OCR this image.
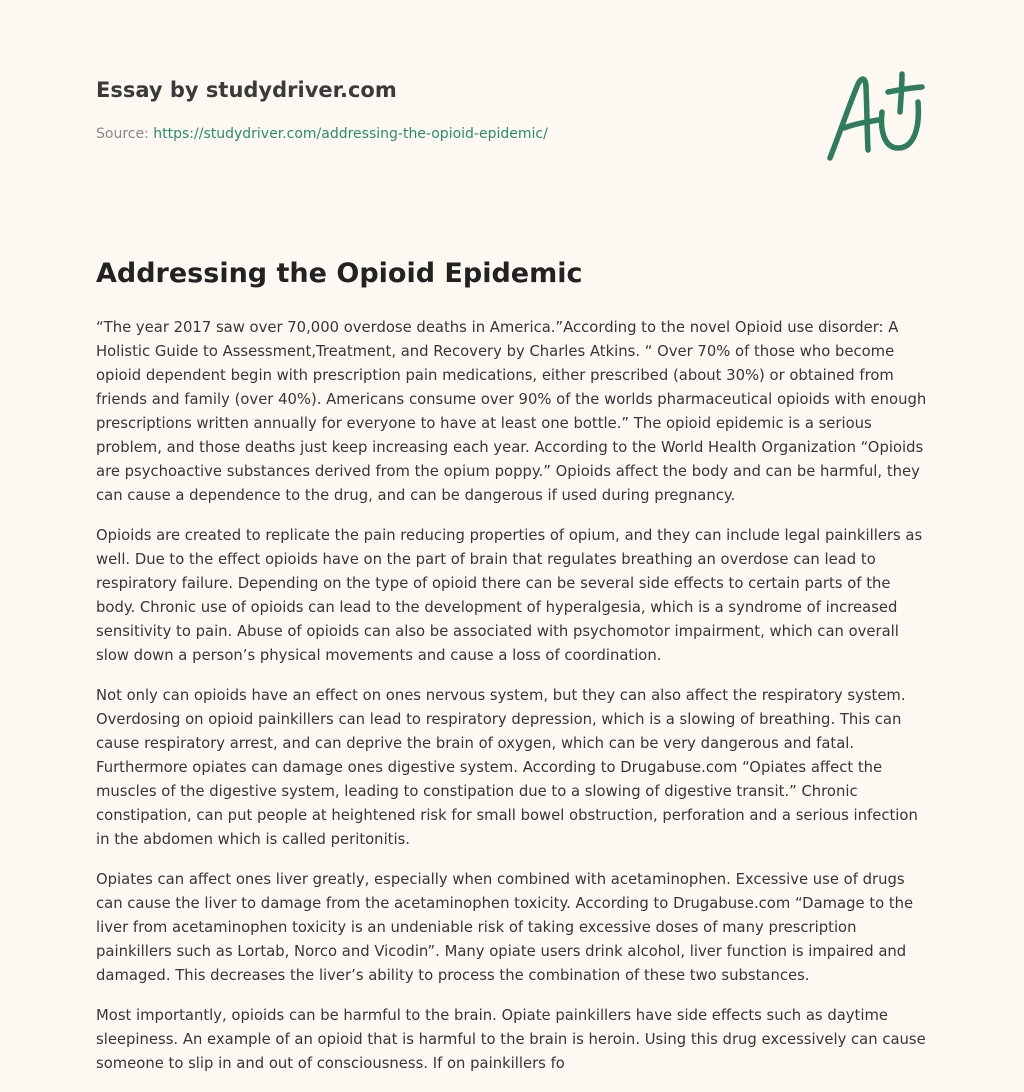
Essay by studydriver.com
Source: https://studydriver.com/addressing-the-opioid-epidemic/
Addressing the Opioid Epidemic

“The year 2017 saw over 70,000 overdose deaths in America.”According to the novel Opioid use disorder: A Holistic Guide to Assessment,Treatment, and Recovery by Charles Atkins. “ Over 70% of those who become opioid dependent begin with prescription pain medications, either prescribed (about 30%) or obtained from friends and family (over 40%). Americans consume over 90% of the worlds pharmaceutical opioids with enough prescriptions written annually for everyone to have at least one bottle.” The opioid epidemic is a serious problem, and those deaths just keep increasing each year. According to the World Health Organization “Opioids are psychoactive substances derived from the opium poppy.” Opioids affect the body and can be harmful, they can cause a dependence to the drug, and can be dangerous if used during pregnancy.

Opioids are created to replicate the pain reducing properties of opium, and they can include legal painkillers as well. Due to the effect opioids have on the part of brain that regulates breathing an overdose can lead to respiratory failure. Depending on the type of opioid there can be several side effects to certain parts of the body. Chronic use of opioids can lead to the development of hyperalgesia, which is a syndrome of increased sensitivity to pain. Abuse of opioids can also be associated with psychomotor impairment, which can overall slow down a person’s physical movements and cause a loss of coordination.

Not only can opioids have an effect on ones nervous system, but they can also affect the respiratory system. Overdosing on opioid painkillers can lead to respiratory depression, which is a slowing of breathing. This can cause respiratory arrest, and can deprive the brain of oxygen, which can be very dangerous and fatal. Furthermore opiates can damage ones digestive system. According to Drugabuse.com “Opiates affect the muscles of the digestive system, leading to constipation due to a slowing of digestive transit.” Chronic constipation, can put people at heightened risk for small bowel obstruction, perforation and a serious infection in the abdomen which is called peritonitis.

Opiates can affect ones liver greatly, especially when combined with acetaminophen. Excessive use of drugs can cause the liver to damage from the acetaminophen toxicity. According to Drugabuse.com “Damage to the liver from acetaminophen toxicity is an undeniable risk of taking excessive doses of many prescription painkillers such as Lortab, Norco and Vicodin”. Many opiate users drink alcohol, liver function is impaired and damaged. This decreases the liver’s ability to process the combination of these two substances.

Most importantly, opioids can be harmful to the brain. Opiate painkillers have side effects such as daytime sleepiness. An example of an opioid that is harmful to the brain is heroin. Using this drug excessively can cause someone to slip in and out of consciousness. If on painkillers fo
